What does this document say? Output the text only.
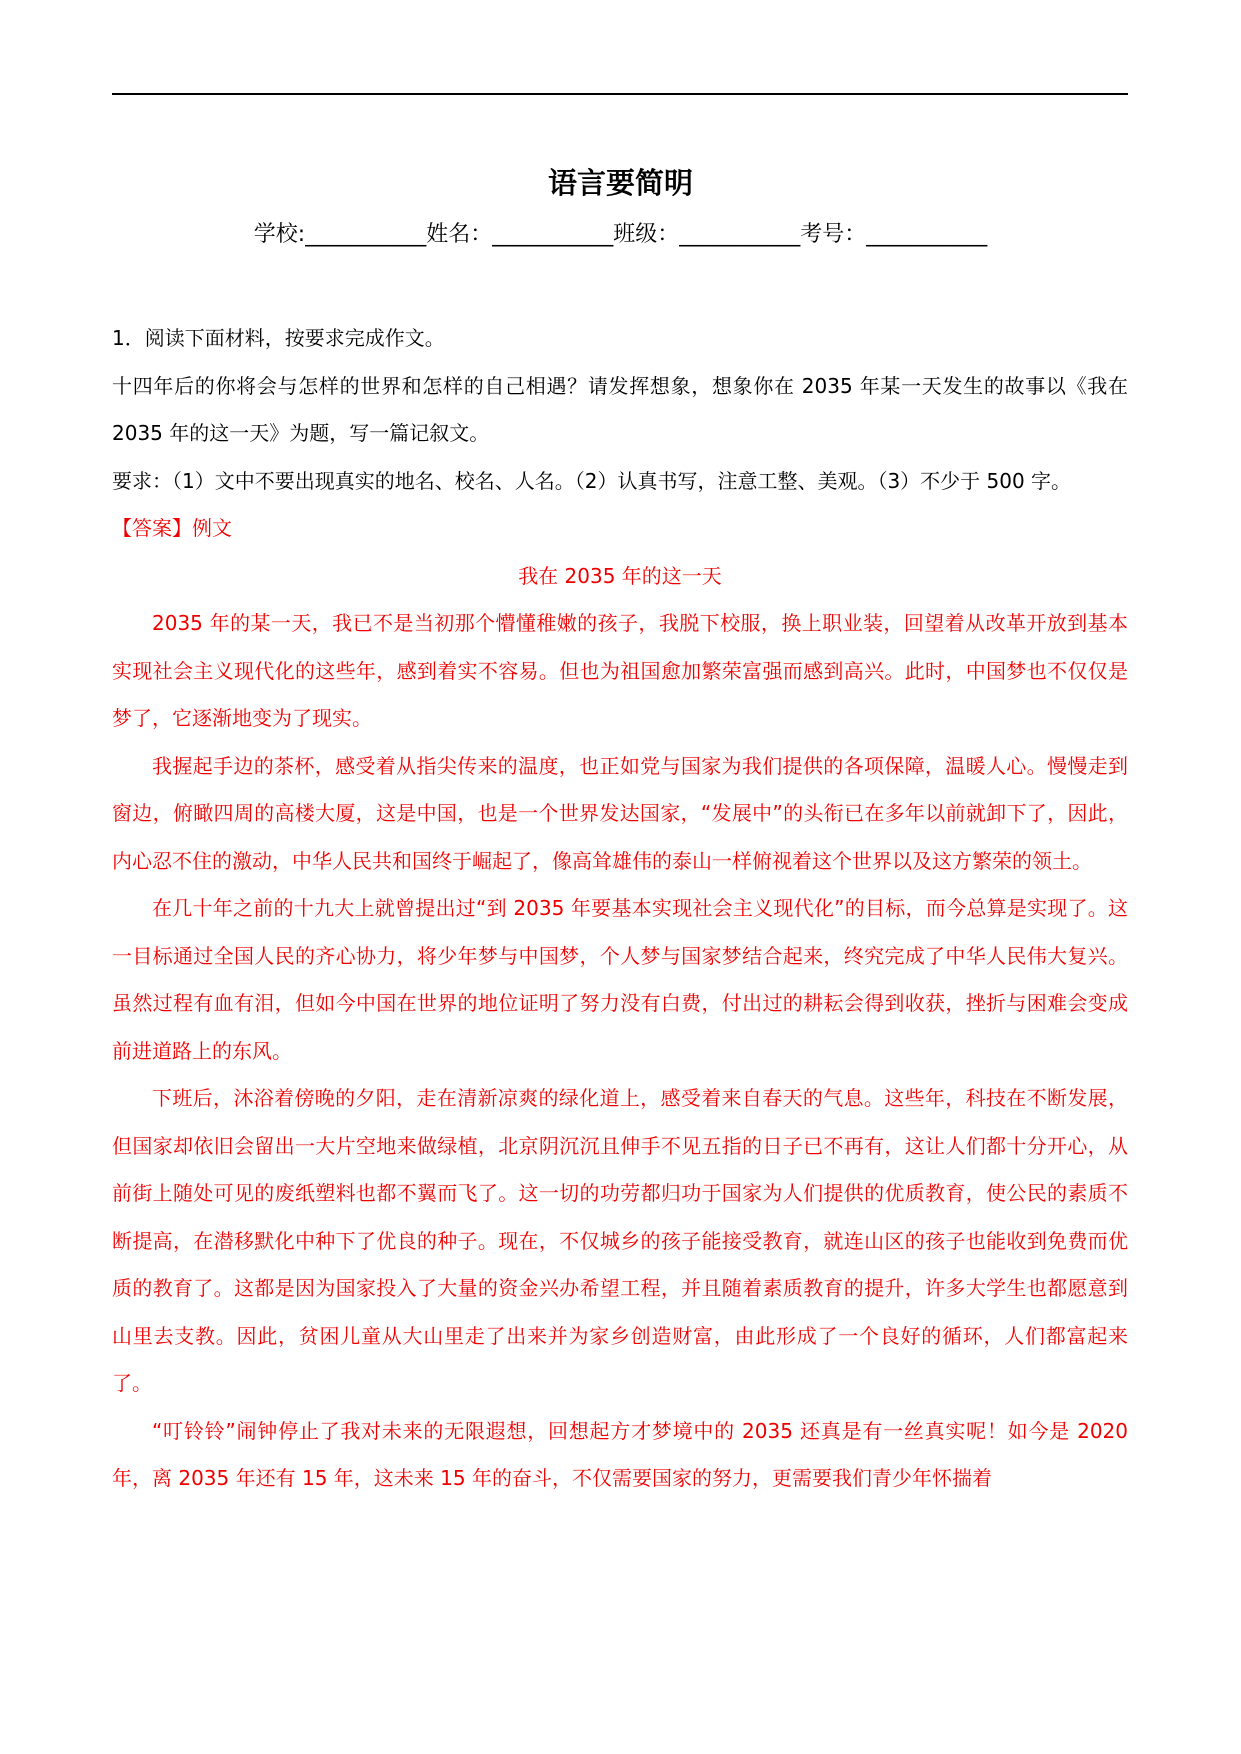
语言要简明
学校:___________姓名：___________班级：___________考号：___________

1．阅读下面材料，按要求完成作文。

十四年后的你将会与怎样的世界和怎样的自己相遇？请发挥想象，想象你在 2035 年某一天发生的故事以《我在 2035 年的这一天》为题，写一篇记叙文。

要求：（1）文中不要出现真实的地名、校名、人名。（2）认真书写，注意工整、美观。（3）不少于 500 字。

【答案】例文

我在 2035 年的这一天

2035 年的某一天，我已不是当初那个懵懂稚嫩的孩子，我脱下校服，换上职业装，回望着从改革开放到基本实现社会主义现代化的这些年，感到着实不容易。但也为祖国愈加繁荣富强而感到高兴。此时，中国梦也不仅仅是梦了，它逐渐地变为了现实。

我握起手边的茶杯，感受着从指尖传来的温度，也正如党与国家为我们提供的各项保障，温暖人心。慢慢走到窗边，俯瞰四周的高楼大厦，这是中国，也是一个世界发达国家，“发展中”的头衔已在多年以前就卸下了，因此，内心忍不住的激动，中华人民共和国终于崛起了，像高耸雄伟的泰山一样俯视着这个世界以及这方繁荣的领土。

在几十年之前的十九大上就曾提出过“到 2035 年要基本实现社会主义现代化”的目标，而今总算是实现了。这一目标通过全国人民的齐心协力，将少年梦与中国梦，个人梦与国家梦结合起来，终究完成了中华人民伟大复兴。虽然过程有血有泪，但如今中国在世界的地位证明了努力没有白费，付出过的耕耘会得到收获，挫折与困难会变成前进道路上的东风。

下班后，沐浴着傍晚的夕阳，走在清新凉爽的绿化道上，感受着来自春天的气息。这些年，科技在不断发展，但国家却依旧会留出一大片空地来做绿植，北京阴沉沉且伸手不见五指的日子已不再有，这让人们都十分开心，从前街上随处可见的废纸塑料也都不翼而飞了。这一切的功劳都归功于国家为人们提供的优质教育，使公民的素质不断提高，在潜移默化中种下了优良的种子。现在，不仅城乡的孩子能接受教育，就连山区的孩子也能收到免费而优质的教育了。这都是因为国家投入了大量的资金兴办希望工程，并且随着素质教育的提升，许多大学生也都愿意到山里去支教。因此，贫困儿童从大山里走了出来并为家乡创造财富，由此形成了一个良好的循环，人们都富起来了。

“叮铃铃”闹钟停止了我对未来的无限遐想，回想起方才梦境中的 2035 还真是有一丝真实呢！如今是 2020 年，离 2035 年还有 15 年，这未来 15 年的奋斗，不仅需要国家的努力，更需要我们青少年怀揣着
